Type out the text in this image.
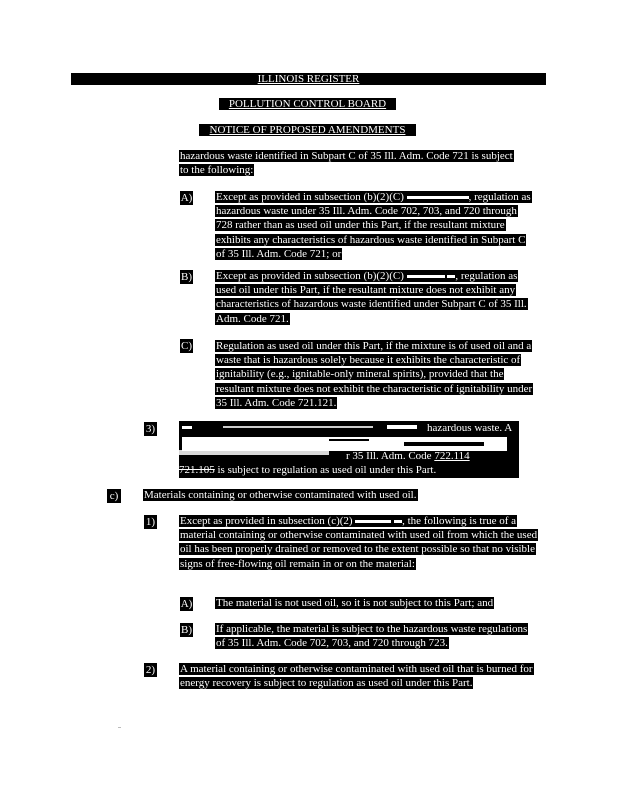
ILLINOIS REGISTER
POLLUTION CONTROL BOARD
NOTICE OF PROPOSED AMENDMENTS
hazardous waste identified in Subpart C of 35 Ill. Adm. Code 721 is subject to the following:
A) Except as provided in subsection (b)(2)(C)	, regulation as hazardous waste under 35 Ill. Adm. Code 702, 703, and 720 through 728 rather than as used oil under this Part, if the resultant mixture exhibits any characteristics of hazardous waste identified in Subpart C of 35 Ill. Adm. Code 721; or
B) Except as provided in subsection (b)(2)(C)	, regulation as used oil under this Part, if the resultant mixture does not exhibit any characteristics of hazardous waste identified under Subpart C of 35 Ill. Adm. Code 721.
C) Regulation as used oil under this Part, if the mixture is of used oil and a waste that is hazardous solely because it exhibits the characteristic of ignitability (e.g., ignitable-only mineral spirits), provided that the resultant mixture does not exhibit the characteristic of ignitability under 35 Ill. Adm. Code 721.121.
3)	hazardous waste. A
r 35 Ill. Adm. Code 722.114
721.105 is subject to regulation as used oil under this Part.
c) Materials containing or otherwise contaminated with used oil.
1) Except as provided in subsection (c)(2)	, the following is true of a material containing or otherwise contaminated with used oil from which the used oil has been properly drained or removed to the extent possible so that no visible signs of free-flowing oil remain in or on the material:
A) The material is not used oil, so it is not subject to this Part; and
B) If applicable, the material is subject to the hazardous waste regulations of 35 Ill. Adm. Code 702, 703, and 720 through 723.
2) A material containing or otherwise contaminated with used oil that is burned for energy recovery is subject to regulation as used oil under this Part.
